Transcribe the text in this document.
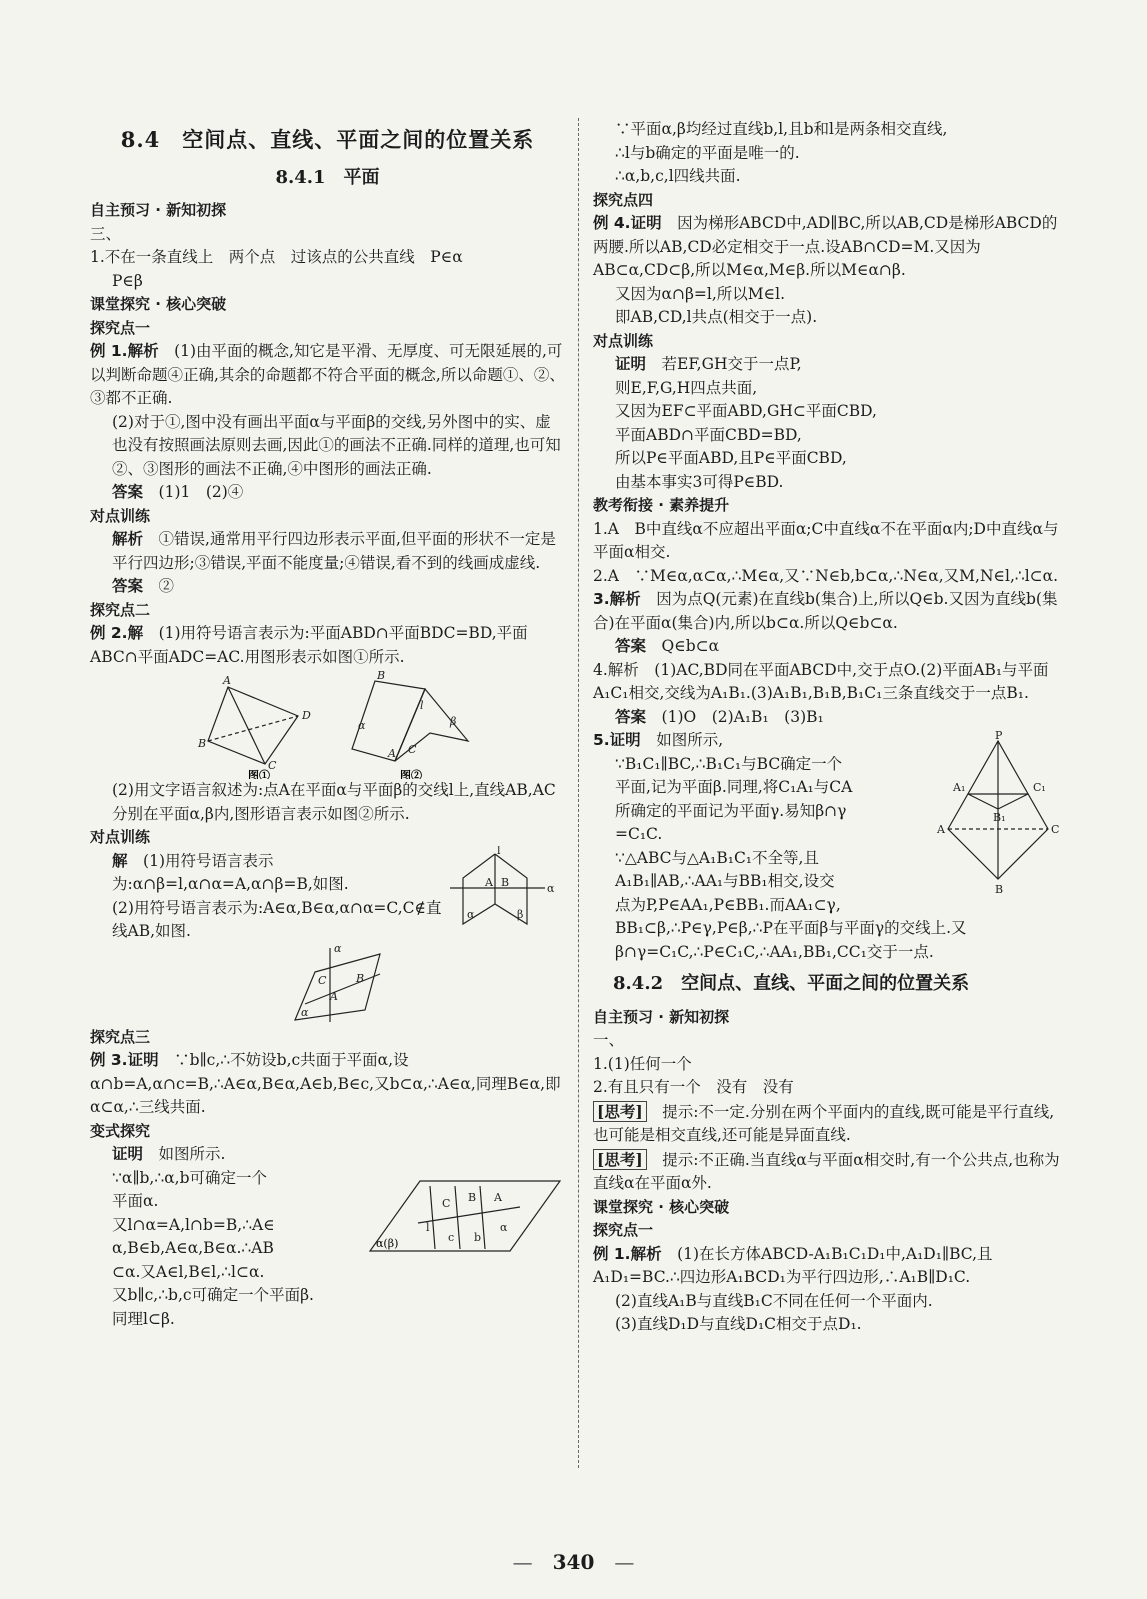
8.4　空间点、直线、平面之间的位置关系
8.4.1　平面

自主预习 · 新知初探

三、

1.不在一条直线上　两个点　过该点的公共直线　P∈α

P∈β

课堂探究 · 核心突破

探究点一

例 1.解析　 (1)由平面的概念,知它是平滑、无厚度、可无限延展的,可以判断命题④正确,其余的命题都不符合平面的概念,所以命题①、②、③都不正确.

(2)对于①,图中没有画出平面α与平面β的交线,另外图中的实、虚也没有按照画法原则去画,因此①的画法不正确.同样的道理,也可知②、③图形的画法不正确,④中图形的画法正确.

答案　 (1)1　(2)④

对点训练

解析　 ①错误,通常用平行四边形表示平面,但平面的形状不一定是平行四边形;③错误,平面不能度量;④错误,看不到的线画成虚线.

答案　 ②

探究点二

例 2.解　 (1)用符号语言表示为:平面ABD∩平面BDC=BD,平面ABC∩平面ADC=AC.用图形表示如图①所示.

A
B
C
D
B
α
l
β
A C
图①	图②

(2)用文字语言叙述为:点A在平面α与平面β的交线l上,直线AB,AC分别在平面α,β内,图形语言表示如图②所示.

对点训练

解　 (1)用符号语言表示为:α∩β=l,α∩α=A,α∩β=B,如图.

(2)用符号语言表示为:A∈α,B∈α,α∩α=C,C∉直线AB,如图.

l
A B	α
α	β
α
C
A
B
α

探究点三

例 3.证明　 ∵b∥c,∴不妨设b,c共面于平面α,设α∩b=A,α∩c=B,∴A∈α,B∈α,A∈b,B∈c,又b⊂α,∴A∈α,同理B∈α,即α⊂α,∴三线共面.

变式探究

证明　 如图所示.

∵α∥b,∴α,b可确定一个

平面α.

又l∩α=A,l∩b=B,∴A∈

α,B∈b,A∈α,B∈α.∴AB

⊂α.又A∈l,B∈l,∴l⊂α.

又b∥c,∴b,c可确定一个平面β.

同理l⊂β.

C B A
l
c b
α
α(β)

∵平面α,β均经过直线b,l,且b和l是两条相交直线,

∴l与b确定的平面是唯一的.

∴α,b,c,l四线共面.

探究点四

例 4.证明　 因为梯形ABCD中,AD∥BC,所以AB,CD是梯形ABCD的两腰.所以AB,CD必定相交于一点.设AB∩CD=M.又因为AB⊂α,CD⊂β,所以M∈α,M∈β.所以M∈α∩β.

又因为α∩β=l,所以M∈l.

即AB,CD,l共点(相交于一点).

对点训练

证明　 若EF,GH交于一点P,

则E,F,G,H四点共面,

又因为EF⊂平面ABD,GH⊂平面CBD,

平面ABD∩平面CBD=BD,

所以P∈平面ABD,且P∈平面CBD,

由基本事实3可得P∈BD.

教考衔接 · 素养提升

1.A　B中直线α不应超出平面α;C中直线α不在平面α内;D中直线α与平面α相交.

2.A　∵M∈α,α⊂α,∴M∈α,又∵N∈b,b⊂α,∴N∈α,又M,N∈l,∴l⊂α.

3.解析　 因为点Q(元素)在直线b(集合)上,所以Q∈b.又因为直线b(集合)在平面α(集合)内,所以b⊂α.所以Q∈b⊂α.

答案　 Q∈b⊂α

4.解析　(1)AC,BD同在平面ABCD中,交于点O.(2)平面AB₁与平面A₁C₁相交,交线为A₁B₁.(3)A₁B₁,B₁B,B₁C₁三条直线交于一点B₁.

答案　 (1)O　(2)A₁B₁　(3)B₁

5.证明　 如图所示,

∵B₁C₁∥BC,∴B₁C₁与BC确定一个

平面,记为平面β.同理,将C₁A₁与CA

所确定的平面记为平面γ.易知β∩γ

=C₁C.

∵△ABC与△A₁B₁C₁不全等,且

A₁B₁∥AB,∴AA₁与BB₁相交,设交

点为P,P∈AA₁,P∈BB₁.而AA₁⊂γ,

P
A₁	C₁
B₁
A	C
B

BB₁⊂β,∴P∈γ,P∈β,∴P在平面β与平面γ的交线上.又β∩γ=C₁C,∴P∈C₁C,∴AA₁,BB₁,CC₁交于一点.

8.4.2　空间点、直线、平面之间的位置关系

自主预习 · 新知初探

一、

1.(1)任何一个

2.有且只有一个　没有　没有

[思考]　 提示:不一定.分别在两个平面内的直线,既可能是平行直线,也可能是相交直线,还可能是异面直线.

[思考]　 提示:不正确.当直线α与平面α相交时,有一个公共点,也称为直线α在平面α外.

课堂探究 · 核心突破

探究点一

例 1.解析　 (1)在长方体ABCD-A₁B₁C₁D₁中,A₁D₁∥BC,且A₁D₁=BC.∴四边形A₁BCD₁为平行四边形,∴A₁B∥D₁C.

(2)直线A₁B与直线B₁C不同在任何一个平面内.

(3)直线D₁D与直线D₁C相交于点D₁.

—　340　—
